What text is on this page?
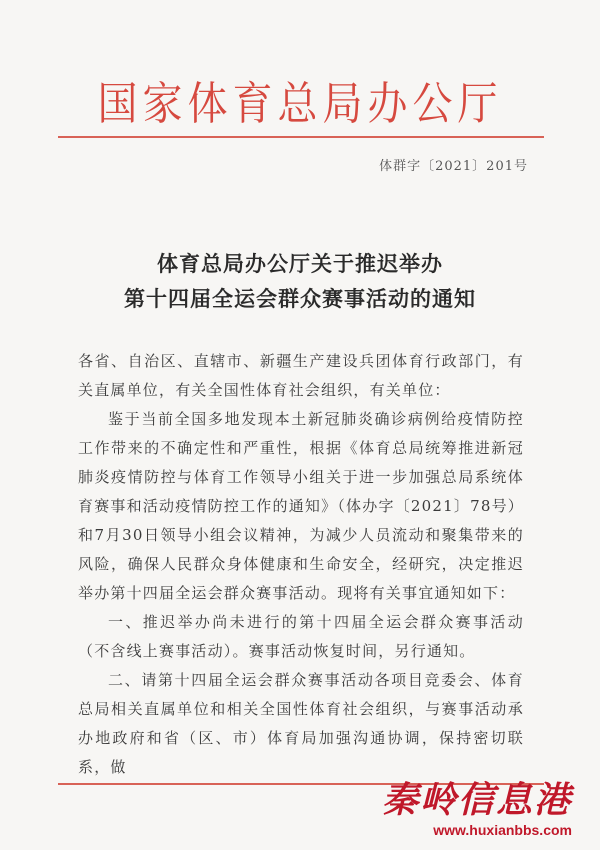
国家体育总局办公厅
体群字〔2021〕201号
体育总局办公厅关于推迟举办
第十四届全运会群众赛事活动的通知

各省、自治区、直辖市、新疆生产建设兵团体育行政部门，有关直属单位，有关全国性体育社会组织，有关单位：

鉴于当前全国多地发现本土新冠肺炎确诊病例给疫情防控工作带来的不确定性和严重性，根据《体育总局统筹推进新冠肺炎疫情防控与体育工作领导小组关于进一步加强总局系统体育赛事和活动疫情防控工作的通知》（体办字〔2021〕78号）和7月30日领导小组会议精神，为减少人员流动和聚集带来的风险，确保人民群众身体健康和生命安全，经研究，决定推迟举办第十四届全运会群众赛事活动。现将有关事宜通知如下：

一、推迟举办尚未进行的第十四届全运会群众赛事活动（不含线上赛事活动）。赛事活动恢复时间，另行通知。

二、请第十四届全运会群众赛事活动各项目竞委会、体育总局相关直属单位和相关全国性体育社会组织，与赛事活动承办地政府和省（区、市）体育局加强沟通协调，保持密切联系，做

秦岭信息港
www.huxianbbs.com
